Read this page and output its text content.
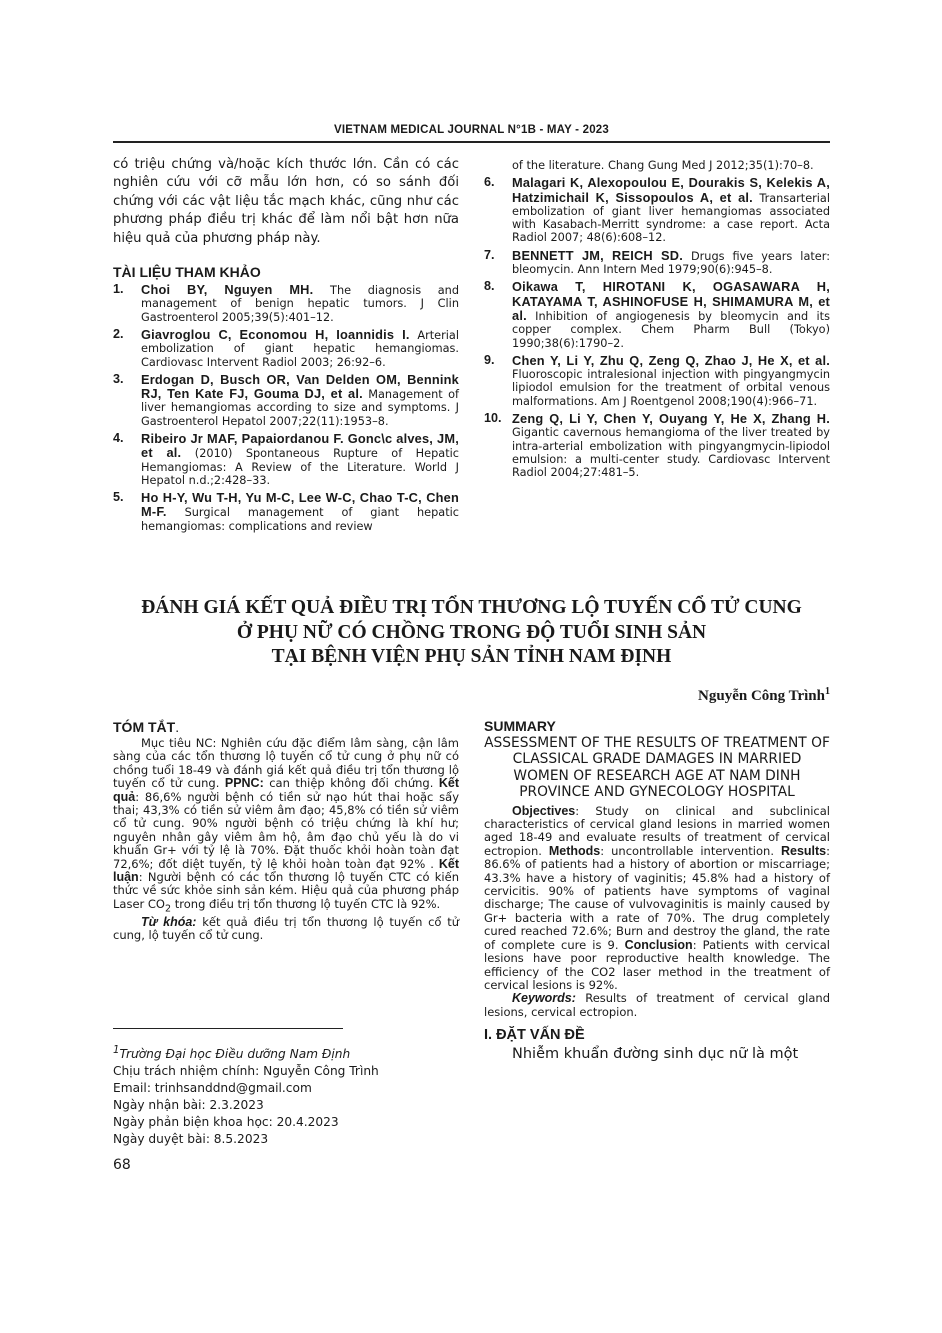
VIETNAM MEDICAL JOURNAL N°1B - MAY - 2023

có triệu chứng và/hoặc kích thước lớn. Cần có các nghiên cứu với cỡ mẫu lớn hơn, có so sánh đối chứng với các vật liệu tắc mạch khác, cũng như các phương pháp điều trị khác để làm nổi bật hơn nữa hiệu quả của phương pháp này.

TÀI LIỆU THAM KHẢO

1.	Choi BY, Nguyen MH. The diagnosis and management of benign hepatic tumors. J Clin Gastroenterol 2005;39(5):401–12.
2.	Giavroglou C, Economou H, Ioannidis I. Arterial embolization of giant hepatic hemangiomas. Cardiovasc Intervent Radiol 2003; 26:92–6.
3.	Erdogan D, Busch OR, Van Delden OM, Bennink RJ, Ten Kate FJ, Gouma DJ, et al. Management of liver hemangiomas according to size and symptoms. J Gastroenterol Hepatol 2007;22(11):1953–8.
4.	Ribeiro Jr MAF, Papaiordanou F. Gonc\c alves, JM, et al. (2010) Spontaneous Rupture of Hepatic Hemangiomas: A Review of the Literature. World J Hepatol n.d.;2:428–33.
5.	Ho H-Y, Wu T-H, Yu M-C, Lee W-C, Chao T-C, Chen M-F. Surgical management of giant hepatic hemangiomas: complications and review
of the literature. Chang Gung Med J 2012;35(1):70–8.
6.	Malagari K, Alexopoulou E, Dourakis S, Kelekis A, Hatzimichail K, Sissopoulos A, et al. Transarterial embolization of giant liver hemangiomas associated with Kasabach-Merritt syndrome: a case report. Acta Radiol 2007; 48(6):608–12.
7.	BENNETT JM, REICH SD. Drugs five years later: bleomycin. Ann Intern Med 1979;90(6):945–8.
8.	Oikawa T, HIROTANI K, OGASAWARA H, KATAYAMA T, ASHINOFUSE H, SHIMAMURA M, et al. Inhibition of angiogenesis by bleomycin and its copper complex. Chem Pharm Bull (Tokyo) 1990;38(6):1790–2.
9.	Chen Y, Li Y, Zhu Q, Zeng Q, Zhao J, He X, et al. Fluoroscopic intralesional injection with pingyangmycin lipiodol emulsion for the treatment of orbital venous malformations. Am J Roentgenol 2008;190(4):966–71.
10. Zeng Q, Li Y, Chen Y, Ouyang Y, He X, Zhang H. Gigantic cavernous hemangioma of the liver treated by intra-arterial embolization with pingyangmycin-lipiodol emulsion: a multi-center study. Cardiovasc Intervent Radiol 2004;27:481–5.
ĐÁNH GIÁ KẾT QUẢ ĐIỀU TRỊ TỔN THƯƠNG LỘ TUYẾN CỔ TỬ CUNG
Ở PHỤ NỮ CÓ CHỒNG TRONG ĐỘ TUỔI SINH SẢN
TẠI BỆNH VIỆN PHỤ SẢN TỈNH NAM ĐỊNH
Nguyễn Công Trình$^1$

TÓM TẮT.

Mục tiêu NC: Nghiên cứu đặc điểm lâm sàng, cận lâm sàng của các tổn thương lộ tuyến cổ tử cung ở phụ nữ có chồng tuổi 18-49 và đánh giá kết quả điều trị tổn thương lộ tuyến cổ tử cung. PPNC: can thiệp không đối chứng. Kết quả: 86,6% người bệnh có tiền sử nạo hút thai hoặc sẩy thai; 43,3% có tiền sử viêm âm đạo; 45,8% có tiền sử viêm cổ tử cung. 90% người bệnh có triệu chứng là khí hư; nguyên nhân gây viêm âm hộ, âm đạo chủ yếu là do vi khuẩn Gr+ với tỷ lệ là 70%. Đặt thuốc khỏi hoàn toàn đạt 72,6%; đốt diệt tuyến, tỷ lệ khỏi hoàn toàn đạt 92% . Kết luận: Người bệnh có các tổn thương lộ tuyến CTC có kiến thức về sức khỏe sinh sản kém. Hiệu quả của phương pháp Laser $CO_2$ trong điều trị tổn thương lộ tuyến CTC là 92%.

Từ khóa: kết quả điều trị tổn thương lộ tuyến cổ tử cung, lộ tuyến cổ tử cung.

$^1$Trường Đại học Điều dưỡng Nam Định
Chịu trách nhiệm chính: Nguyễn Công Trình
Email: trinhsanddnd@gmail.com
Ngày nhận bài: 2.3.2023
Ngày phản biện khoa học: 20.4.2023
Ngày duyệt bài: 8.5.2023
68

SUMMARY

ASSESSMENT OF THE RESULTS OF TREATMENT OF CLASSICAL GRADE DAMAGES IN MARRIED WOMEN OF RESEARCH AGE AT NAM DINH PROVINCE AND GYNECOLOGY HOSPITAL

Objectives: Study on clinical and subclinical characteristics of cervical gland lesions in married women aged 18-49 and evaluate results of treatment of cervical ectropion. Methods: uncontrollable intervention. Results: 86.6% of patients had a history of abortion or miscarriage; 43.3% have a history of vaginitis; 45.8% had a history of cervicitis. 90% of patients have symptoms of vaginal discharge; The cause of vulvovaginitis is mainly caused by Gr+ bacteria with a rate of 70%. The drug completely cured reached 72.6%; Burn and destroy the gland, the rate of complete cure is 9. Conclusion: Patients with cervical lesions have poor reproductive health knowledge. The efficiency of the CO2 laser method in the treatment of cervical lesions is 92%.

Keywords: Results of treatment of cervical gland lesions, cervical ectropion.

I. ĐẶT VẤN ĐỀ

Nhiễm khuẩn đường sinh dục nữ là một
